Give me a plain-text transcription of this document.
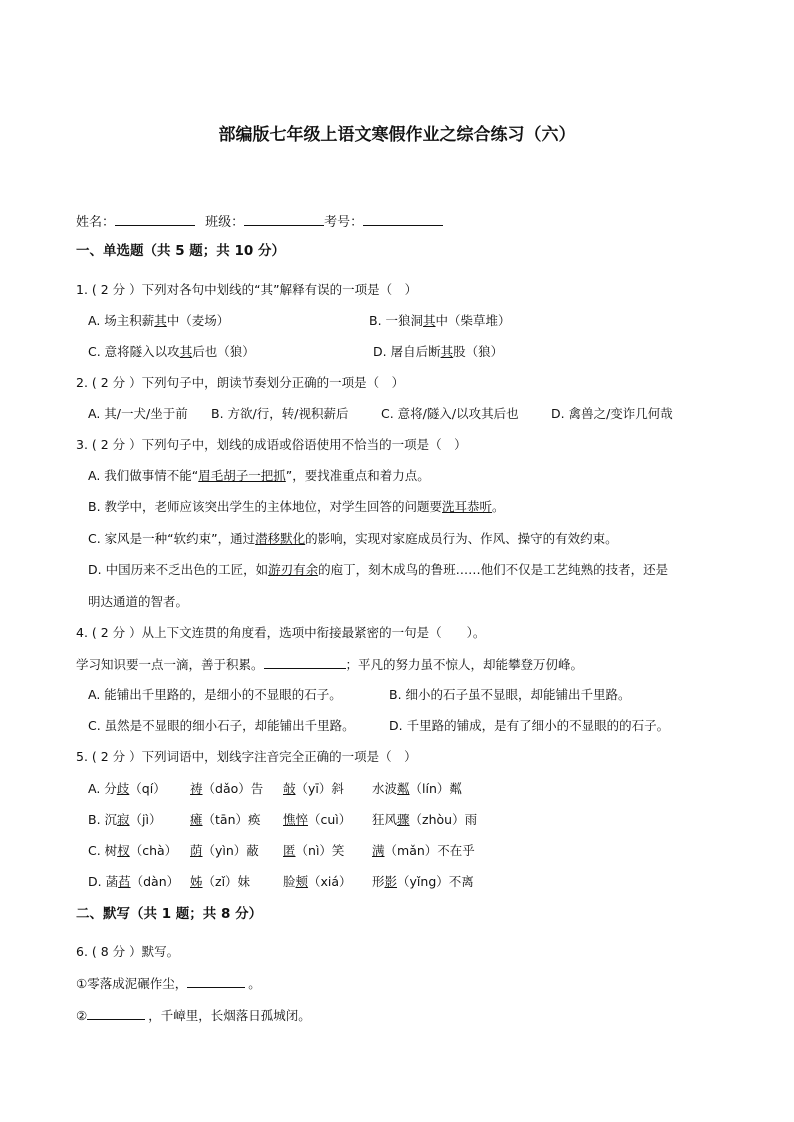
部编版七年级上语文寒假作业之综合练习（六）
姓名：	班级：	考号：
一、单选题（共 5 题；共 10 分）
1. ( 2 分 ）下列对各句中划线的“其”解释有误的一项是（　）
A. 场主积薪其中（麦场）	B. 一狼洞其中（柴草堆）
C. 意将隧入以攻其后也（狼）	D. 屠自后断其股（狼）
2. ( 2 分 ）下列句子中，朗读节奏划分正确的一项是（　）
A. 其/一犬/坐于前 B. 方欲/行，转/视积薪后	C. 意将/隧入/以攻其后也	D. 禽兽之/变诈几何哉
3. ( 2 分 ）下列句子中，划线的成语或俗语使用不恰当的一项是（　）
A. 我们做事情不能“眉毛胡子一把抓”，要找准重点和着力点。
B. 教学中，老师应该突出学生的主体地位，对学生回答的问题要洗耳恭听。
C. 家风是一种“软约束”，通过潜移默化的影响，实现对家庭成员行为、作风、操守的有效约束。
D. 中国历来不乏出色的工匠，如游刃有余的庖丁，刻木成鸟的鲁班……他们不仅是工艺纯熟的技者，还是
明达通道的智者。
4. ( 2 分 ）从上下文连贯的角度看，选项中衔接最紧密的一句是（　　）。
学习知识要一点一滴，善于积累。	；平凡的努力虽不惊人，却能攀登万仞峰。
A. 能铺出千里路的，是细小的不显眼的石子。	B. 细小的石子虽不显眼，却能铺出千里路。
C. 虽然是不显眼的细小石子，却能铺出千里路。	D. 千里路的铺成，是有了细小的不显眼的的石子。
5. ( 2 分 ）下列词语中，划线字注音完全正确的一项是（　）
A. 分歧（qí） 祷（dǎo）告 敧（yī）斜 水波粼（lín）粼
B. 沉寂（jì） 瘫（tān）痪 憔悴（cuì） 狂风骤（zhòu）雨
C. 树杈（chà） 荫（yìn）蔽 匿（nì）笑 满（mǎn）不在乎
D. 菡萏（dàn） 姊（zǐ）妹	脸颊（xiá） 形影（yǐng）不离
二、默写（共 1 题；共 8 分）
6. ( 8 分 ）默写。
①零落成泥碾作尘，	。
②	，千嶂里，长烟落日孤城闭。
